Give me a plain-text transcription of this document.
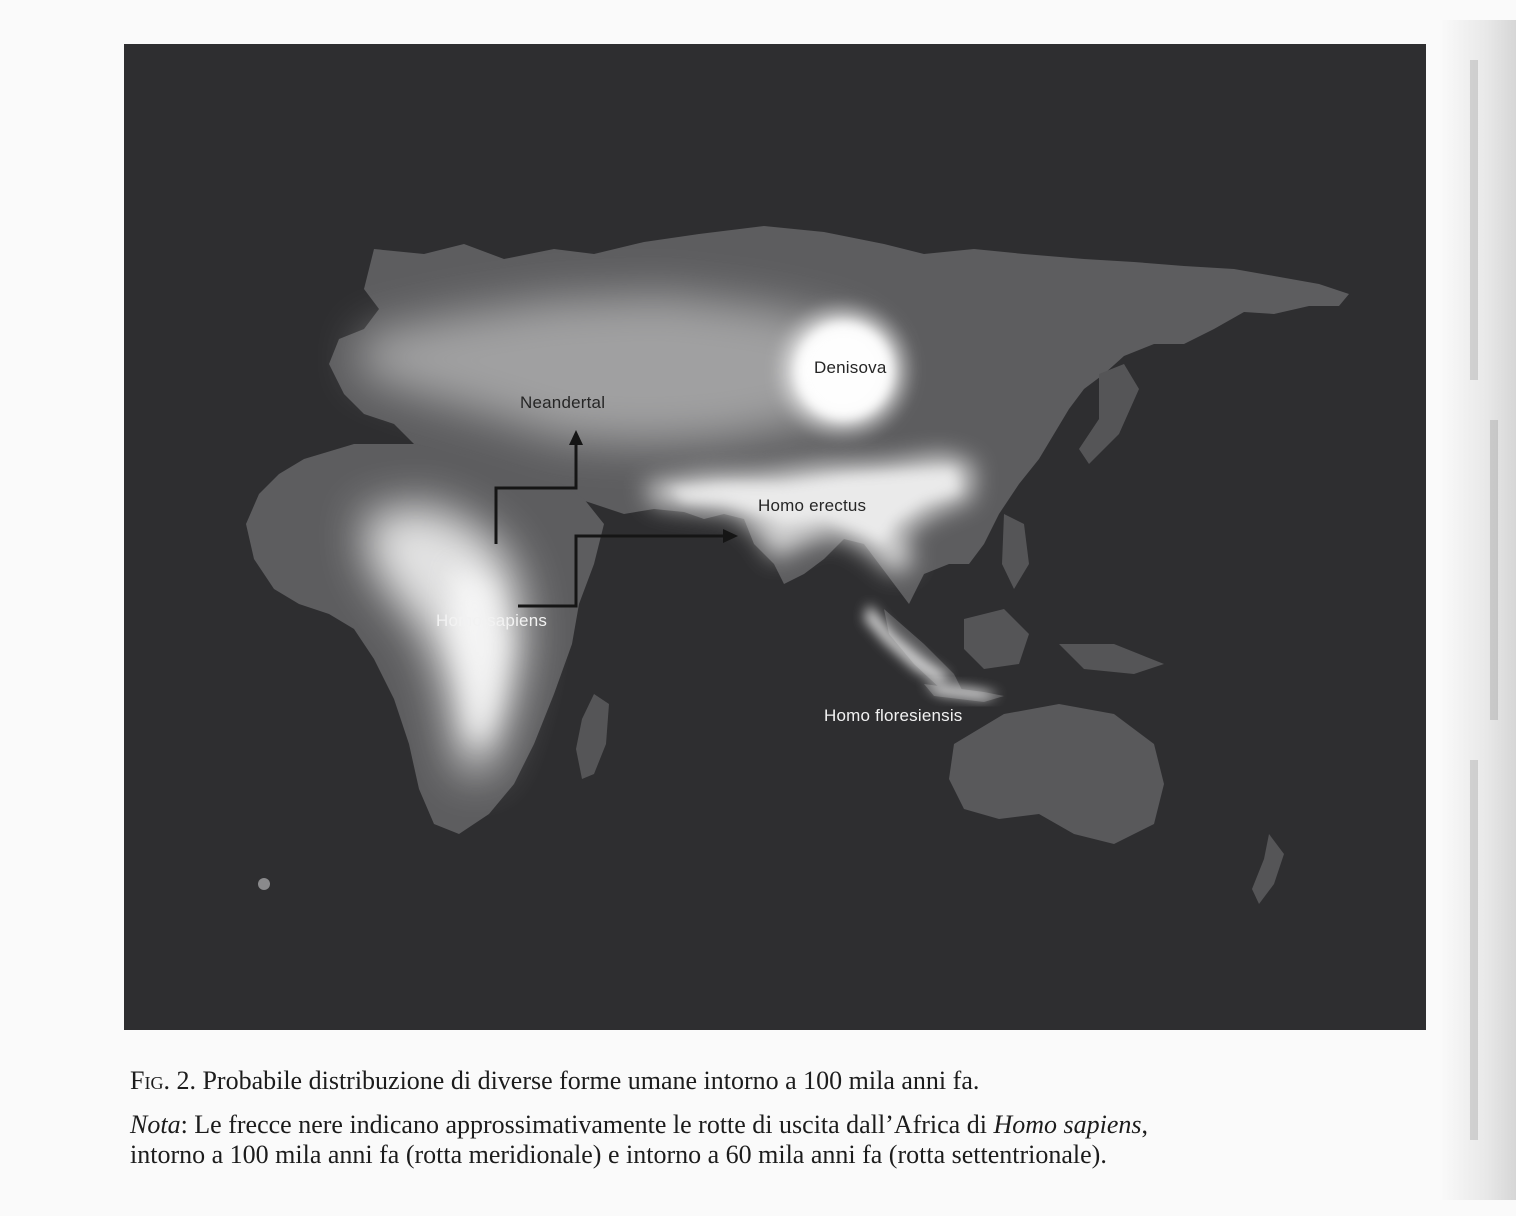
Denisova
Neandertal
Homo erectus
Homo sapiens
Homo floresiensis
Fig. 2. Probabile distribuzione di diverse forme umane intorno a 100 mila anni fa.
Nota: Le frecce nere indicano approssimativamente le rotte di uscita dall’Africa di Homo sapiens,
intorno a 100 mila anni fa (rotta meridionale) e intorno a 60 mila anni fa (rotta settentrionale).
